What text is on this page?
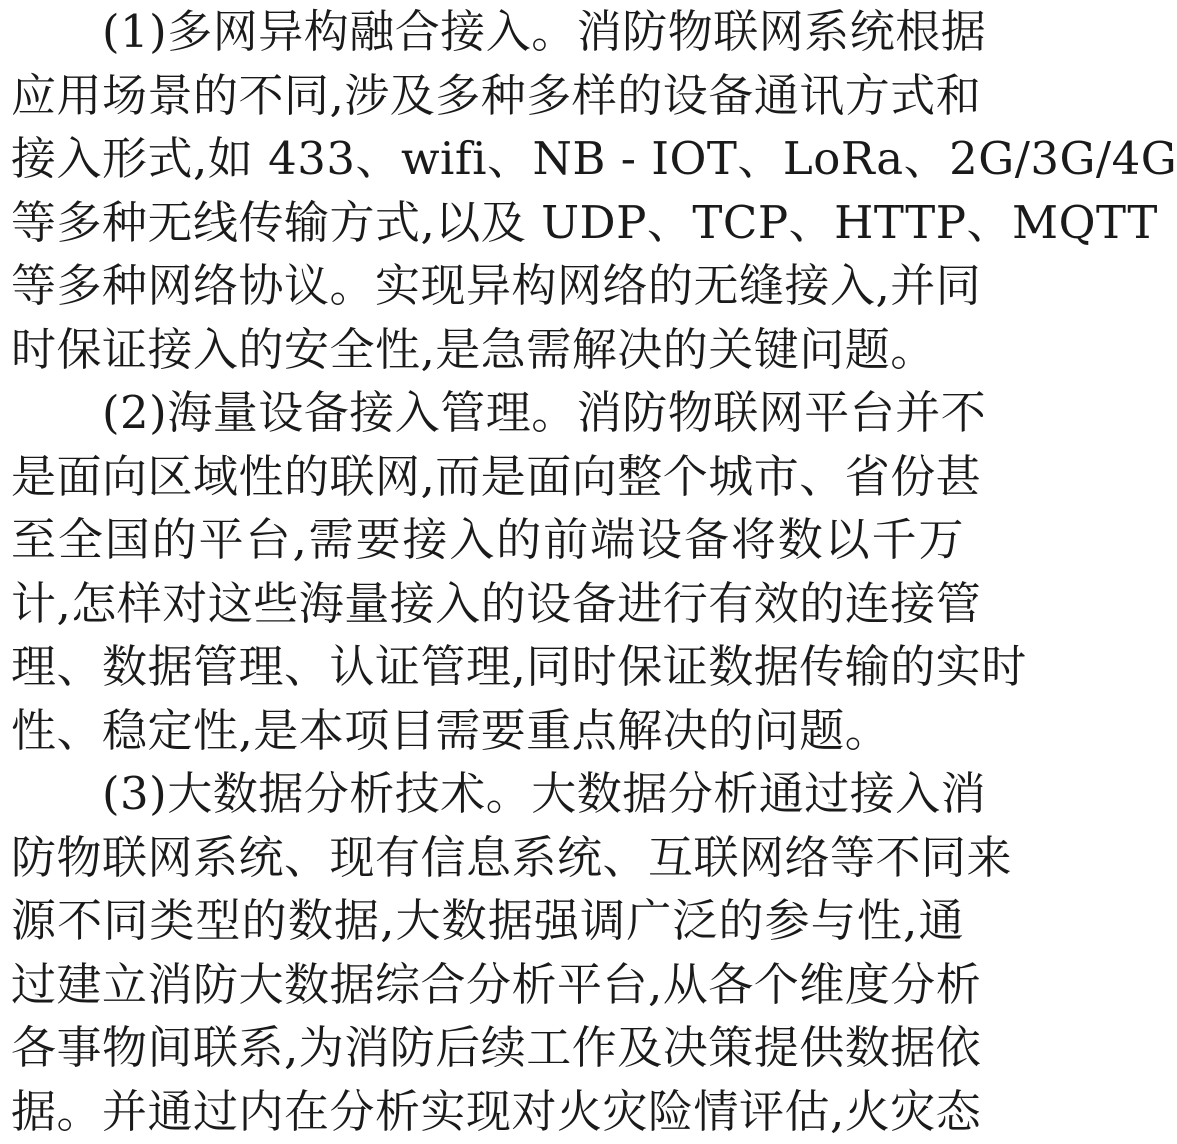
(1)多网异构融合接入。消防物联网系统根据
应用场景的不同,涉及多种多样的设备通讯方式和
接入形式,如 433、wifi、NB - IOT、LoRa、2G/3G/4G
等多种无线传输方式,以及 UDP、TCP、HTTP、MQTT
等多种网络协议。实现异构网络的无缝接入,并同
时保证接入的安全性,是急需解决的关键问题。
(2)海量设备接入管理。消防物联网平台并不
是面向区域性的联网,而是面向整个城市、省份甚
至全国的平台,需要接入的前端设备将数以千万
计,怎样对这些海量接入的设备进行有效的连接管
理、数据管理、认证管理,同时保证数据传输的实时
性、稳定性,是本项目需要重点解决的问题。
(3)大数据分析技术。大数据分析通过接入消
防物联网系统、现有信息系统、互联网络等不同来
源不同类型的数据,大数据强调广泛的参与性,通
过建立消防大数据综合分析平台,从各个维度分析
各事物间联系,为消防后续工作及决策提供数据依
据。并通过内在分析实现对火灾险情评估,火灾态
